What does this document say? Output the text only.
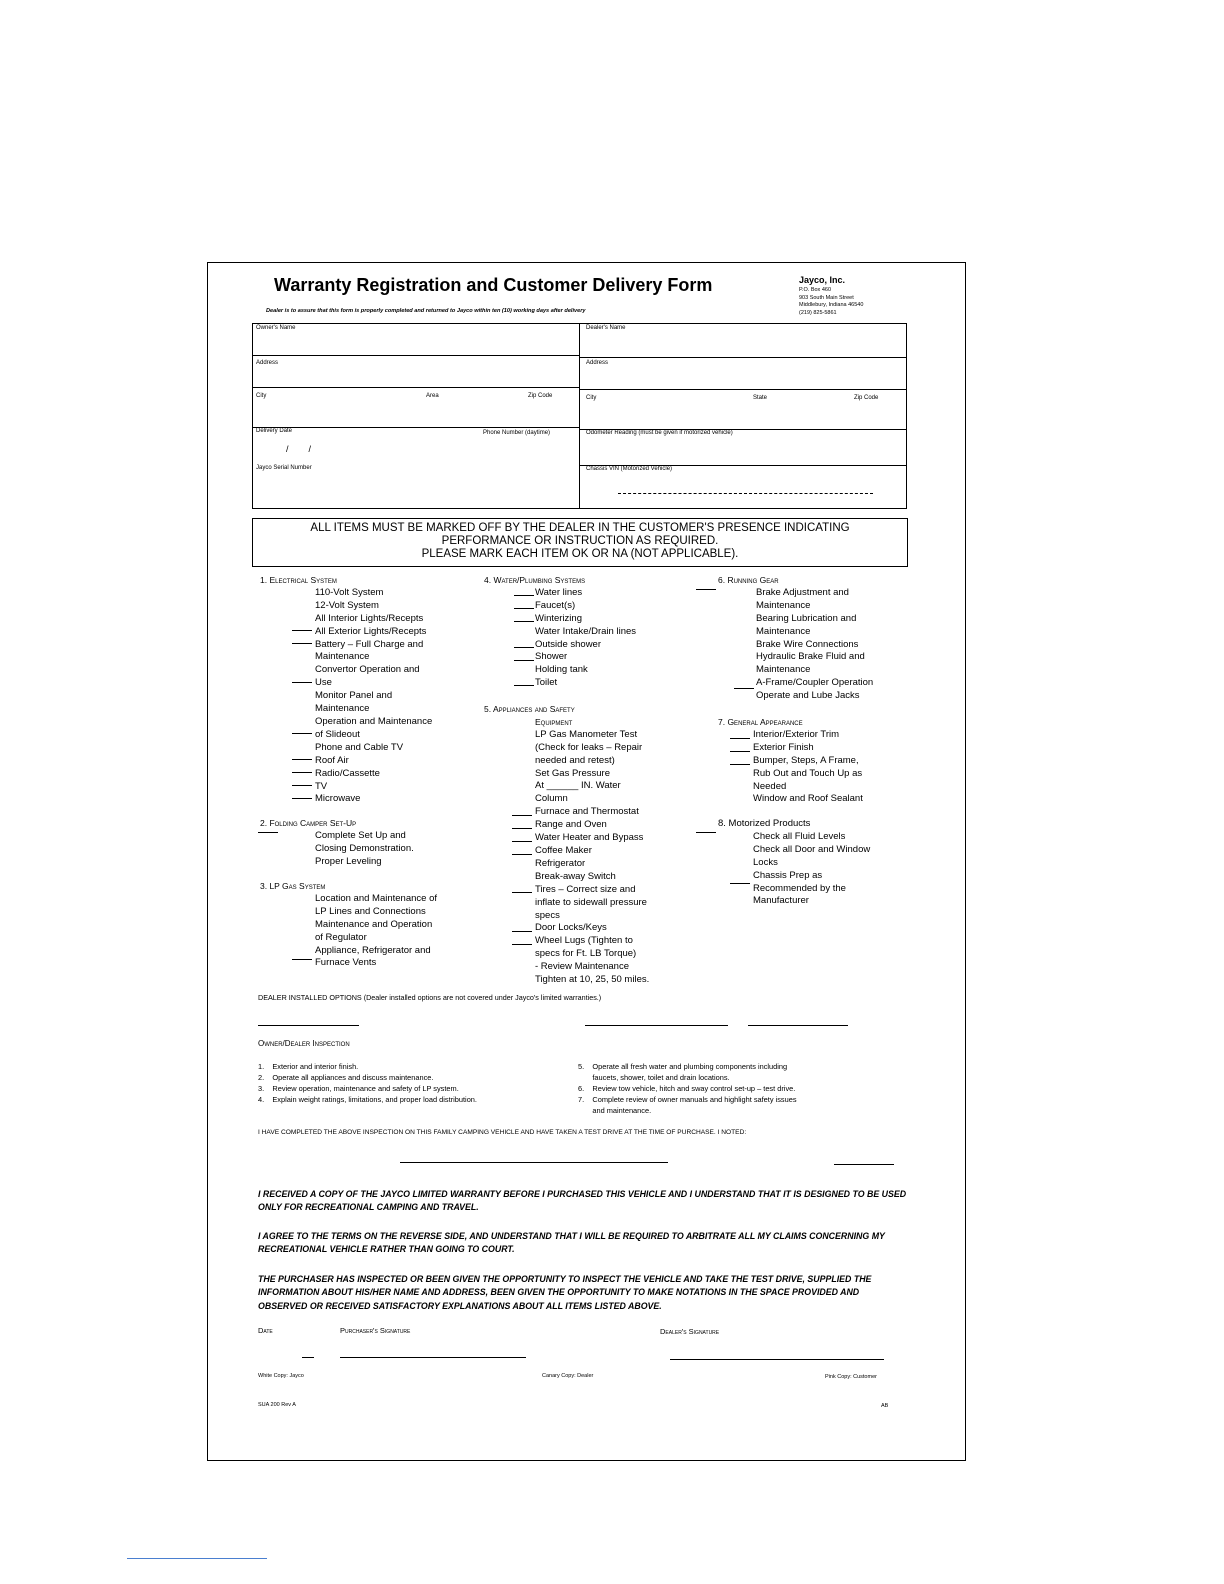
Warranty Registration and Customer Delivery Form	Jayco, Inc.
P.O. Box 460
903 South Main Street
Middlebury, Indiana 46540
(219) 825-5861
Dealer is to assure that this form is properly completed and returned to Jayco within ten (10) working days after delivery
Owner's Name	Dealer's Name
Address	Address
City	Area	Zip Code	City	State	Zip Code
Delivery Date	Phone Number (daytime)	Odometer Reading (must be given if motorized vehicle)
/        /
Jayco Serial Number	Chassis VIN (Motorized Vehicle)
ALL ITEMS MUST BE MARKED OFF BY THE DEALER IN THE CUSTOMER'S PRESENCE INDICATING
PERFORMANCE OR INSTRUCTION AS REQUIRED.
PLEASE MARK EACH ITEM OK OR NA (NOT APPLICABLE).
1. Electrical System
110-Volt System
12-Volt System
All Interior Lights/Recepts
All Exterior Lights/Recepts
Battery – Full Charge and
Maintenance
Convertor Operation and
Use
Monitor Panel and
Maintenance
Operation and Maintenance
of Slideout
Phone and Cable TV
Roof Air
Radio/Cassette
TV
Microwave
2. Folding Camper Set-Up
Complete Set Up and
Closing Demonstration.
Proper Leveling
3. LP Gas System
Location and Maintenance of
LP Lines and Connections
Maintenance and Operation
of Regulator
Appliance, Refrigerator and
Furnace Vents
4. Water/Plumbing Systems
Water lines
Faucet(s)
Winterizing
Water Intake/Drain lines
Outside shower
Shower
Holding tank
Toilet
5. Appliances and Safety
Equipment
LP Gas Manometer Test
(Check for leaks – Repair
needed and retest)
Set Gas Pressure
At ______ IN. Water
Column
Furnace and Thermostat
Range and Oven
Water Heater and Bypass
Coffee Maker
Refrigerator
Break-away Switch
Tires – Correct size and
inflate to sidewall pressure
specs
Door Locks/Keys
Wheel Lugs (Tighten to
specs for Ft. LB Torque)
- Review Maintenance
Tighten at 10, 25, 50 miles.
6. Running Gear
Brake Adjustment and
Maintenance
Bearing Lubrication and
Maintenance
Brake Wire Connections
Hydraulic Brake Fluid and
Maintenance
A-Frame/Coupler Operation
Operate and Lube Jacks
7. General Appearance
Interior/Exterior Trim
Exterior Finish
Bumper, Steps, A Frame,
Rub Out and Touch Up as
Needed
Window and Roof Sealant
8. Motorized Products
Check all Fluid Levels
Check all Door and Window
Locks
Chassis Prep as
Recommended by the
Manufacturer
DEALER INSTALLED OPTIONS (Dealer installed options are not covered under Jayco's limited warranties.)
Owner/Dealer Inspection
1.    Exterior and interior finish.
2.    Operate all appliances and discuss maintenance.
3.    Review operation, maintenance and safety of LP system.
4.    Explain weight ratings, limitations, and proper load distribution.
5.    Operate all fresh water and plumbing components including
faucets, shower, toilet and drain locations.
6.    Review tow vehicle, hitch and sway control set-up – test drive.
7.    Complete review of owner manuals and highlight safety issues
and maintenance.
I HAVE COMPLETED THE ABOVE INSPECTION ON THIS FAMILY CAMPING VEHICLE AND HAVE TAKEN A TEST DRIVE AT THE TIME OF PURCHASE. I NOTED:
I RECEIVED A COPY OF THE JAYCO LIMITED WARRANTY BEFORE I PURCHASED THIS VEHICLE AND I UNDERSTAND THAT IT IS DESIGNED TO BE USED ONLY FOR RECREATIONAL CAMPING AND TRAVEL.
I AGREE TO THE TERMS ON THE REVERSE SIDE, AND UNDERSTAND THAT I WILL BE REQUIRED TO ARBITRATE ALL MY CLAIMS CONCERNING MY RECREATIONAL VEHICLE RATHER THAN GOING TO COURT.
THE PURCHASER HAS INSPECTED OR BEEN GIVEN THE OPPORTUNITY TO INSPECT THE VEHICLE AND TAKE THE TEST DRIVE, SUPPLIED THE INFORMATION ABOUT HIS/HER NAME AND ADDRESS, BEEN GIVEN THE OPPORTUNITY TO MAKE NOTATIONS IN THE SPACE PROVIDED AND OBSERVED OR RECEIVED SATISFACTORY EXPLANATIONS ABOUT ALL ITEMS LISTED ABOVE.
Date	Purchaser's Signature	Dealer's Signature
White Copy: Jayco	Canary Copy: Dealer	Pink Copy: Customer
SUA 200 Rev A	AB
